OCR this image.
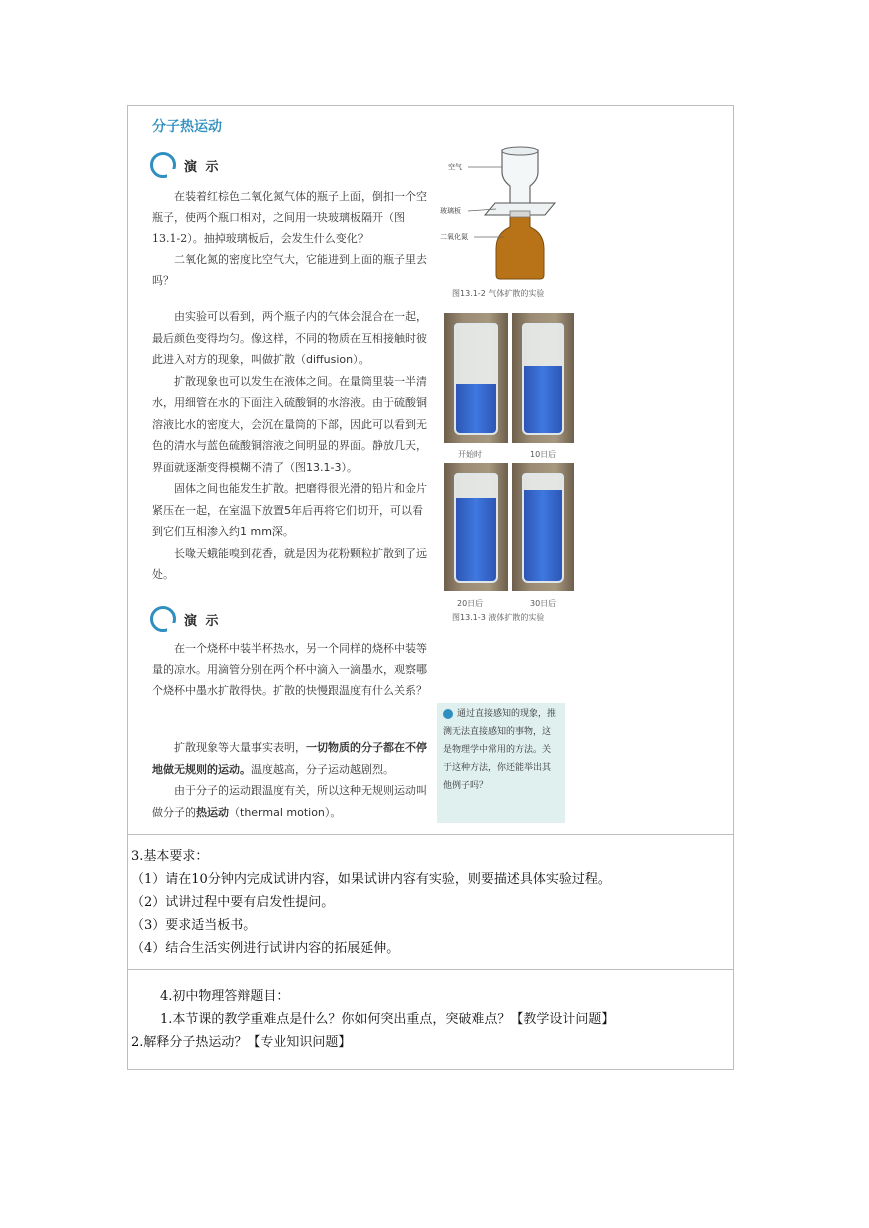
分子热运动
演 示

在装着红棕色二氧化氮气体的瓶子上面，倒扣一个空瓶子，使两个瓶口相对，之间用一块玻璃板隔开（图13.1-2）。抽掉玻璃板后，会发生什么变化？

二氧化氮的密度比空气大，它能进到上面的瓶子里去吗？

空气
玻璃板
二氧化氮
图13.1-2 气体扩散的实验

由实验可以看到，两个瓶子内的气体会混合在一起，最后颜色变得均匀。像这样，不同的物质在互相接触时彼此进入对方的现象，叫做扩散（diffusion）。

扩散现象也可以发生在液体之间。在量筒里装一半清水，用细管在水的下面注入硫酸铜的水溶液。由于硫酸铜溶液比水的密度大，会沉在量筒的下部，因此可以看到无色的清水与蓝色硫酸铜溶液之间明显的界面。静放几天，界面就逐渐变得模糊不清了（图13.1-3）。

固体之间也能发生扩散。把磨得很光滑的铅片和金片紧压在一起，在室温下放置5年后再将它们切开，可以看到它们互相渗入约1 mm深。

长喙天蛾能嗅到花香，就是因为花粉颗粒扩散到了远处。

开始时	10日后
20日后	30日后
图13.1-3 液体扩散的实验
演 示

在一个烧杯中装半杯热水，另一个同样的烧杯中装等量的凉水。用滴管分别在两个杯中滴入一滴墨水，观察哪个烧杯中墨水扩散得快。扩散的快慢跟温度有什么关系？

扩散现象等大量事实表明，一切物质的分子都在不停地做无规则的运动。温度越高，分子运动越剧烈。

由于分子的运动跟温度有关，所以这种无规则运动叫做分子的热运动（thermal motion）。

通过直接感知的现象，推测无法直接感知的事物，这是物理学中常用的方法。关于这种方法，你还能举出其他例子吗？
3.基本要求：
（1）请在10分钟内完成试讲内容，如果试讲内容有实验，则要描述具体实验过程。
（2）试讲过程中要有启发性提问。
（3）要求适当板书。
（4）结合生活实例进行试讲内容的拓展延伸。
4.初中物理答辩题目：
1.本节课的教学重难点是什么？你如何突出重点，突破难点？【教学设计问题】
2.解释分子热运动？【专业知识问题】
